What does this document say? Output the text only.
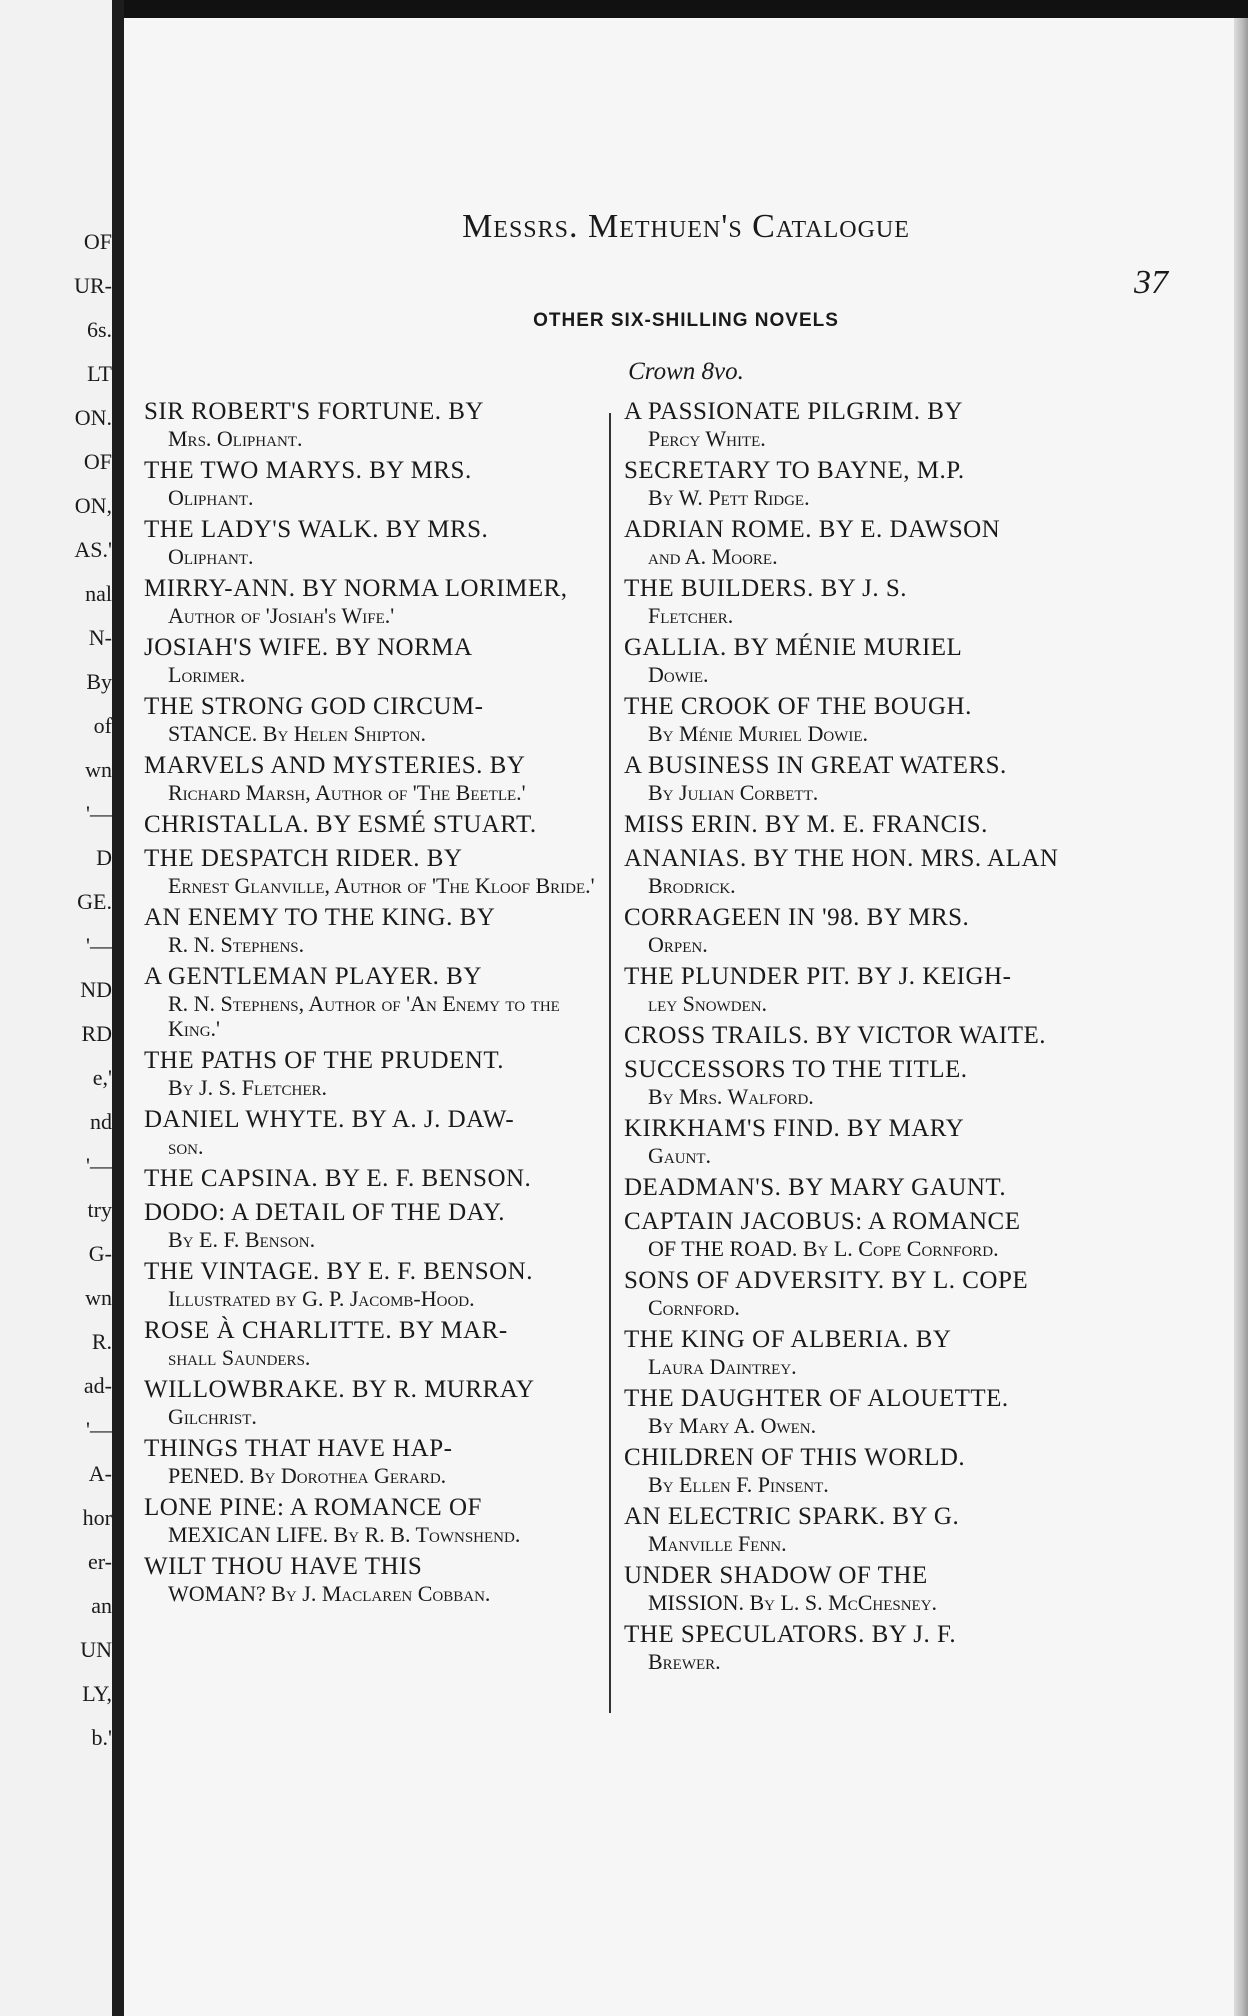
OF
UR-
6s.
LT
ON.
OF
ON,
AS.'
nal
N-
By
of
wn
'—
D
GE.
'—
ND
RD
e,'
nd
'—
try
G-
wn
R.
ad-
'—
A-
hor
er-
an
UN
LY,
b.'
Messrs. Methuen's Catalogue
37
OTHER SIX-SHILLING NOVELS
Crown 8vo.
SIR ROBERT'S FORTUNE. BY
Mrs. Oliphant.
THE TWO MARYS. BY MRS.
Oliphant.
THE LADY'S WALK. BY MRS.
Oliphant.
MIRRY-ANN. BY NORMA LORIMER,
Author of 'Josiah's Wife.'
JOSIAH'S WIFE. BY NORMA
Lorimer.
THE STRONG GOD CIRCUM-
STANCE. By Helen Shipton.
MARVELS AND MYSTERIES. BY
Richard Marsh, Author of 'The Beetle.'
CHRISTALLA. BY ESMÉ STUART.
THE DESPATCH RIDER. BY
Ernest Glanville, Author of 'The Kloof Bride.'
AN ENEMY TO THE KING. BY
R. N. Stephens.
A GENTLEMAN PLAYER. BY
R. N. Stephens, Author of 'An Enemy to the King.'
THE PATHS OF THE PRUDENT.
By J. S. Fletcher.
DANIEL WHYTE. BY A. J. DAW-
son.
THE CAPSINA. BY E. F. BENSON.
DODO: A DETAIL OF THE DAY.
By E. F. Benson.
THE VINTAGE. BY E. F. BENSON.
Illustrated by G. P. Jacomb-Hood.
ROSE À CHARLITTE. BY MAR-
shall Saunders.
WILLOWBRAKE. BY R. MURRAY
Gilchrist.
THINGS THAT HAVE HAP-
PENED. By Dorothea Gerard.
LONE PINE: A ROMANCE OF
MEXICAN LIFE. By R. B. Townshend.
WILT THOU HAVE THIS
WOMAN? By J. Maclaren Cobban.
A PASSIONATE PILGRIM. BY
Percy White.
SECRETARY TO BAYNE, M.P.
By W. Pett Ridge.
ADRIAN ROME. BY E. DAWSON
and A. Moore.
THE BUILDERS. BY J. S.
Fletcher.
GALLIA. BY MÉNIE MURIEL
Dowie.
THE CROOK OF THE BOUGH.
By Ménie Muriel Dowie.
A BUSINESS IN GREAT WATERS.
By Julian Corbett.
MISS ERIN. BY M. E. FRANCIS.
ANANIAS. BY THE HON. MRS. ALAN
Brodrick.
CORRAGEEN IN '98. BY MRS.
Orpen.
THE PLUNDER PIT. BY J. KEIGH-
ley Snowden.
CROSS TRAILS. BY VICTOR WAITE.
SUCCESSORS TO THE TITLE.
By Mrs. Walford.
KIRKHAM'S FIND. BY MARY
Gaunt.
DEADMAN'S. BY MARY GAUNT.
CAPTAIN JACOBUS: A ROMANCE
OF THE ROAD. By L. Cope Cornford.
SONS OF ADVERSITY. BY L. COPE
Cornford.
THE KING OF ALBERIA. BY
Laura Daintrey.
THE DAUGHTER OF ALOUETTE.
By Mary A. Owen.
CHILDREN OF THIS WORLD.
By Ellen F. Pinsent.
AN ELECTRIC SPARK. BY G.
Manville Fenn.
UNDER SHADOW OF THE
MISSION. By L. S. McChesney.
THE SPECULATORS. BY J. F.
Brewer.
